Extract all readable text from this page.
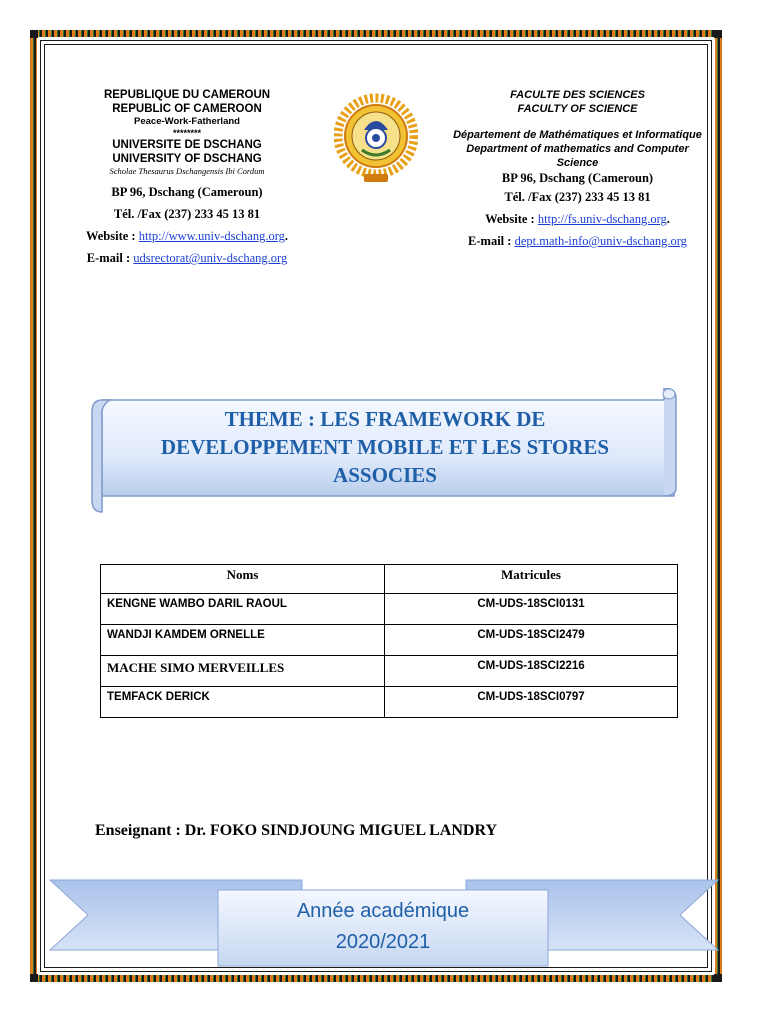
REPUBLIQUE DU CAMEROUN
REPUBLIC OF CAMEROON
Peace-Work-Fatherland
********
UNIVERSITE DE DSCHANG
UNIVERSITY OF DSCHANG
Scholae Thesaurus Dschangensis Ibi Cordum
BP 96, Dschang (Cameroun)
Tél. /Fax (237) 233 45 13 81
Website : http://www.univ-dschang.org.
E-mail : udsrectorat@univ-dschang.org
FACULTE DES SCIENCES
FACULTY OF SCIENCE
Département de Mathématiques et Informatique
Department of mathematics and Computer Science
BP 96, Dschang (Cameroun)
Tél. /Fax (237) 233 45 13 81
Website : http://fs.univ-dschang.org.
E-mail : dept.math-info@univ-dschang.org
THEME : LES FRAMEWORK DE
DEVELOPPEMENT MOBILE ET LES STORES
ASSOCIES
Noms	Matricules
KENGNE WAMBO DARIL RAOUL	CM-UDS-18SCI0131
WANDJI KAMDEM ORNELLE	CM-UDS-18SCI2479
MACHE SIMO MERVEILLES	CM-UDS-18SCI2216
TEMFACK DERICK	CM-UDS-18SCI0797
Enseignant : Dr. FOKO SINDJOUNG MIGUEL LANDRY
Année académique
2020/2021
